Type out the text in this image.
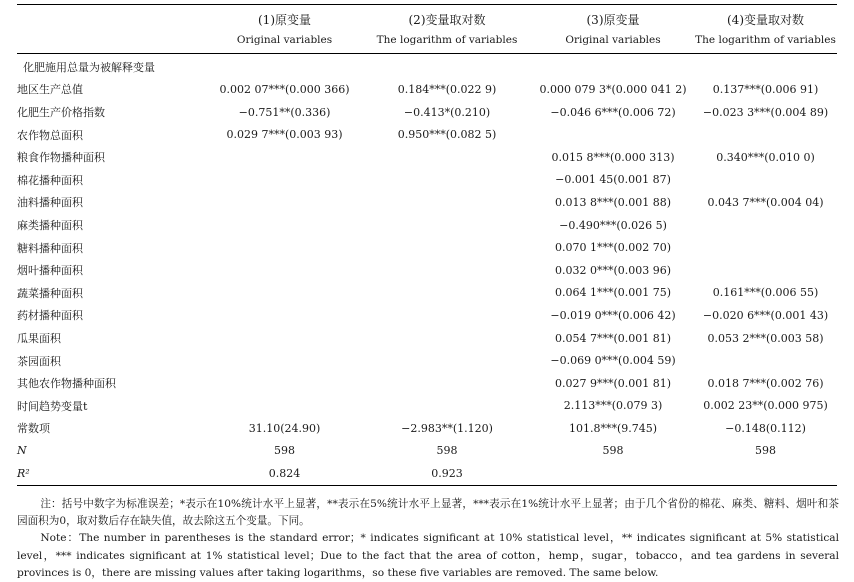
	(1)原变量	(2)变量取对数	(3)原变量	(4)变量取对数
	Original variables	The logarithm of variables	Original variables	The logarithm of variables
化肥施用总量为被解释变量				
地区生产总值	0.002 07***(0.000 366)	0.184***(0.022 9)	0.000 079 3*(0.000 041 2)	0.137***(0.006 91)
化肥生产价格指数	−0.751**(0.336)	−0.413*(0.210)	−0.046 6***(0.006 72)	−0.023 3***(0.004 89)
农作物总面积	0.029 7***(0.003 93)	0.950***(0.082 5)		
粮食作物播种面积			0.015 8***(0.000 313)	0.340***(0.010 0)
棉花播种面积			−0.001 45(0.001 87)	
油料播种面积			0.013 8***(0.001 88)	0.043 7***(0.004 04)
麻类播种面积			−0.490***(0.026 5)	
糖料播种面积			0.070 1***(0.002 70)	
烟叶播种面积			0.032 0***(0.003 96)	
蔬菜播种面积			0.064 1***(0.001 75)	0.161***(0.006 55)
药材播种面积			−0.019 0***(0.006 42)	−0.020 6***(0.001 43)
瓜果面积			0.054 7***(0.001 81)	0.053 2***(0.003 58)
茶园面积			−0.069 0***(0.004 59)	
其他农作物播种面积			0.027 9***(0.001 81)	0.018 7***(0.002 76)
时间趋势变量t			2.113***(0.079 3)	0.002 23**(0.000 975)
常数项	31.10(24.90)	−2.983**(1.120)	101.8***(9.745)	−0.148(0.112)
N	598	598	598	598
R²	0.824	0.923		

注：括号中数字为标准误差；*表示在10%统计水平上显著，**表示在5%统计水平上显著，***表示在1%统计水平上显著；由于几个省份的棉花、麻类、糖料、烟叶和茶园面积为0，取对数后存在缺失值，故去除这五个变量。下同。

Note：The number in parentheses is the standard error；* indicates significant at 10% statistical level，** indicates significant at 5% statistical level，*** indicates significant at 1% statistical level；Due to the fact that the area of cotton，hemp，sugar，tobacco，and tea gardens in several provinces is 0，there are missing values after taking logarithms，so these five variables are removed. The same below.
